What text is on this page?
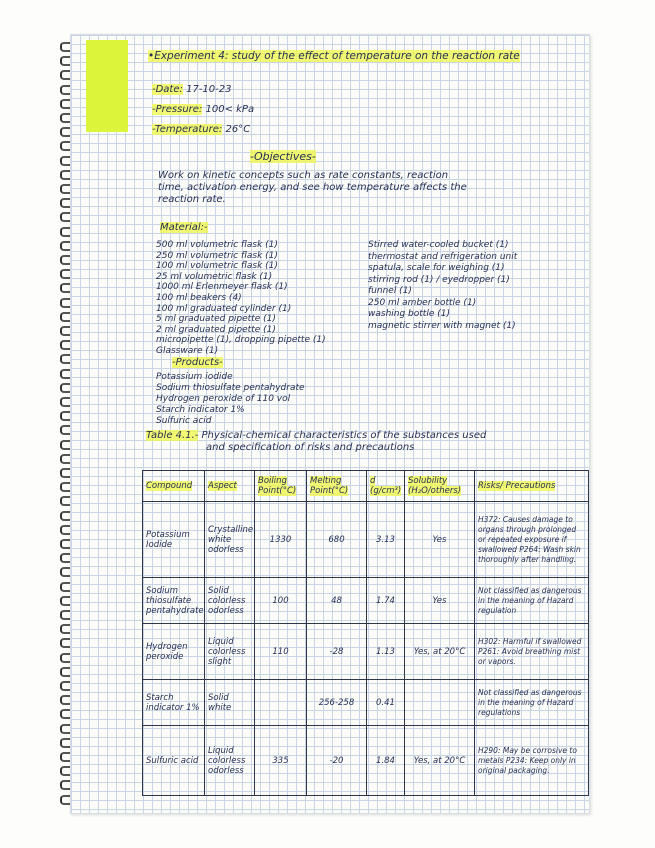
•Experiment 4: study of the effect of temperature on the reaction rate
-Date: 17-10-23
-Pressure: 100< kPa
-Temperature: 26°C
-Objectives-
Work on kinetic concepts such as rate constants, reaction
time, activation energy, and see how temperature affects the
reaction rate.
Material:-
500 ml volumetric flask (1)
250 ml volumetric flask (1)
100 ml volumetric flask (1)
25 ml volumetric flask (1)
1000 ml Erlenmeyer flask (1)
100 ml beakers (4)
100 ml graduated cylinder (1)
5 ml graduated pipette (1)
2 ml graduated pipette (1)
micropipette (1), dropping pipette (1)
Glassware (1)
Stirred water-cooled bucket (1)
thermostat and refrigeration unit
spatula, scale for weighing (1)
stirring rod (1) / eyedropper (1)
funnel (1)
250 ml amber bottle (1)
washing bottle (1)
magnetic stirrer with magnet (1)
-Products-
Potassium iodide
Sodium thiosulfate pentahydrate
Hydrogen peroxide of 110 vol
Starch indicator 1%
Sulfuric acid
Table 4.1.- Physical-chemical characteristics of the substances used
and specification of risks and precautions
Compound	Aspect	Boiling Point(°C)	Melting Point(°C)	d (g/cm³)	Solubility (H₂O/others)	Risks/ Precautions
Potassium Iodide	Crystalline white odorless	1330	680	3.13	Yes	H372: Causes damage to organs through prolonged or repeated exposure if swallowed P264: Wash skin thoroughly after handling.
Sodium thiosulfate pentahydrate	Solid colorless odorless	100	48	1.74	Yes	Not classified as dangerous in the meaning of Hazard regulation
Hydrogen peroxide	Liquid colorless slight	110	-28	1.13	Yes, at 20°C	H302: Harmful if swallowed P261: Avoid breathing mist or vapors.
Starch indicator 1%	Solid white		256-258	0.41		Not classified as dangerous in the meaning of Hazard regulations
Sulfuric acid	Liquid colorless odorless	335	-20	1.84	Yes, at 20°C	H290: May be corrosive to metals P234: Keep only in original packaging.
